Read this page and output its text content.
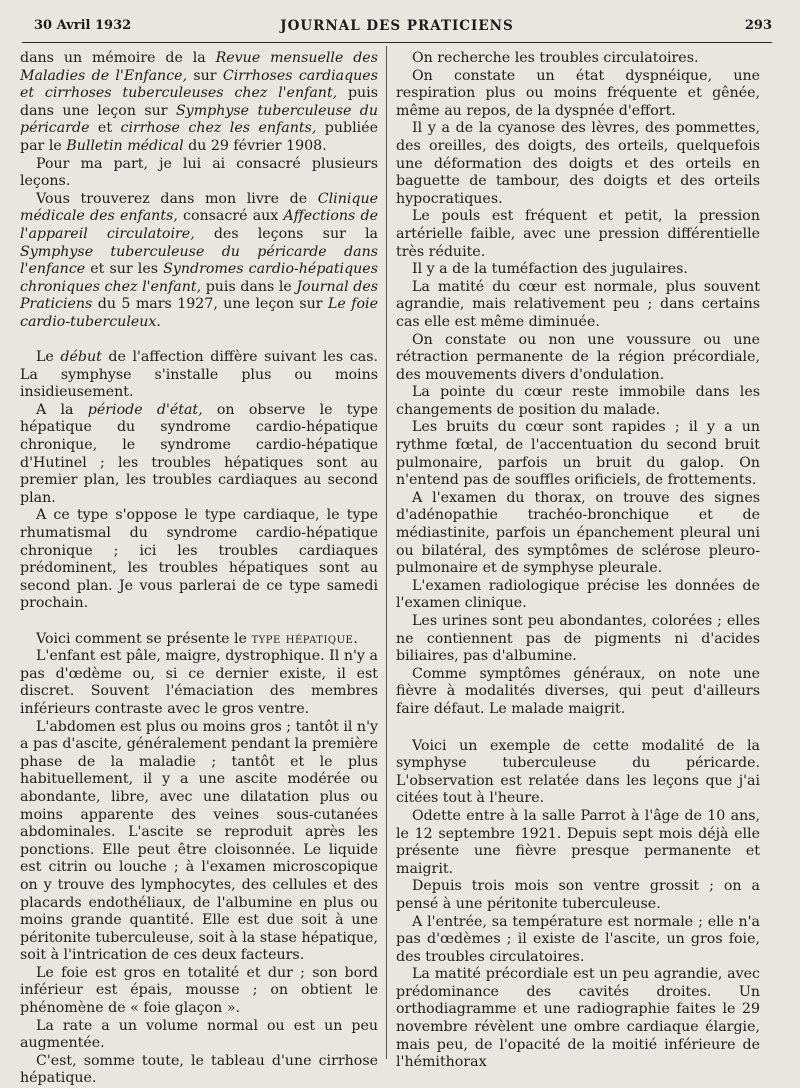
30 Avril 1932	JOURNAL DES PRATICIENS	293

dans un mémoire de la Revue mensuelle des Maladies de l'Enfance, sur Cirrhoses cardiaques et cirrhoses tuberculeuses chez l'enfant, puis dans une leçon sur Symphyse tuberculeuse du péricarde et cirrhose chez les enfants, publiée par le Bulletin médical du 29 février 1908.

Pour ma part, je lui ai consacré plusieurs leçons.

Vous trouverez dans mon livre de Clinique médicale des enfants, consacré aux Affections de l'appareil circulatoire, des leçons sur la Symphyse tuberculeuse du péricarde dans l'enfance et sur les Syndromes cardio-hépatiques chroniques chez l'enfant, puis dans le Journal des Praticiens du 5 mars 1927, une leçon sur Le foie cardio-tuberculeux.

Le début de l'affection diffère suivant les cas. La symphyse s'installe plus ou moins insidieusement.

A la période d'état, on observe le type hépatique du syndrome cardio-hépatique chronique, le syndrome cardio-hépatique d'Hutinel ; les troubles hépatiques sont au premier plan, les troubles cardiaques au second plan.

A ce type s'oppose le type cardiaque, le type rhumatismal du syndrome cardio-hépatique chronique ; ici les troubles cardiaques prédominent, les troubles hépatiques sont au second plan. Je vous parlerai de ce type samedi prochain.

Voici comment se présente le type hépatique.

L'enfant est pâle, maigre, dystrophique. Il n'y a pas d'œdème ou, si ce dernier existe, il est discret. Souvent l'émaciation des membres inférieurs contraste avec le gros ventre.

L'abdomen est plus ou moins gros ; tantôt il n'y a pas d'ascite, généralement pendant la première phase de la maladie ; tantôt et le plus habituellement, il y a une ascite modérée ou abondante, libre, avec une dilatation plus ou moins apparente des veines sous-cutanées abdominales. L'ascite se reproduit après les ponctions. Elle peut être cloisonnée. Le liquide est citrin ou louche ; à l'examen microscopique on y trouve des lymphocytes, des cellules et des placards endothéliaux, de l'albumine en plus ou moins grande quantité. Elle est due soit à une péritonite tuberculeuse, soit à la stase hépatique, soit à l'intrication de ces deux facteurs.

Le foie est gros en totalité et dur ; son bord inférieur est épais, mousse ; on obtient le phénomène de « foie glaçon ».

La rate a un volume normal ou est un peu augmentée.

C'est, somme toute, le tableau d'une cirrhose hépatique.

On recherche les troubles circulatoires.

On constate un état dyspnéique, une respiration plus ou moins fréquente et gênée, même au repos, de la dyspnée d'effort.

Il y a de la cyanose des lèvres, des pommettes, des oreilles, des doigts, des orteils, quelquefois une déformation des doigts et des orteils en baguette de tambour, des doigts et des orteils hypocratiques.

Le pouls est fréquent et petit, la pression artérielle faible, avec une pression différentielle très réduite.

Il y a de la tuméfaction des jugulaires.

La matité du cœur est normale, plus souvent agrandie, mais relativement peu ; dans certains cas elle est même diminuée.

On constate ou non une voussure ou une rétraction permanente de la région précordiale, des mouvements divers d'ondulation.

La pointe du cœur reste immobile dans les changements de position du malade.

Les bruits du cœur sont rapides ; il y a un rythme fœtal, de l'accentuation du second bruit pulmonaire, parfois un bruit du galop. On n'entend pas de souffles orificiels, de frottements.

A l'examen du thorax, on trouve des signes d'adénopathie trachéo-bronchique et de médiastinite, parfois un épanchement pleural uni ou bilatéral, des symptômes de sclérose pleuro-pulmonaire et de symphyse pleurale.

L'examen radiologique précise les données de l'examen clinique.

Les urines sont peu abondantes, colorées ; elles ne contiennent pas de pigments ni d'acides biliaires, pas d'albumine.

Comme symptômes généraux, on note une fièvre à modalités diverses, qui peut d'ailleurs faire défaut. Le malade maigrit.

Voici un exemple de cette modalité de la symphyse tuberculeuse du péricarde. L'observation est relatée dans les leçons que j'ai citées tout à l'heure.

Odette entre à la salle Parrot à l'âge de 10 ans, le 12 septembre 1921. Depuis sept mois déjà elle présente une fièvre presque permanente et maigrit.

Depuis trois mois son ventre grossit ; on a pensé à une péritonite tuberculeuse.

A l'entrée, sa température est normale ; elle n'a pas d'œdèmes ; il existe de l'ascite, un gros foie, des troubles circulatoires.

La matité précordiale est un peu agrandie, avec prédominance des cavités droites. Un orthodiagramme et une radiographie faites le 29 novembre révèlent une ombre cardiaque élargie, mais peu, de l'opacité de la moitié inférieure de l'hémithorax
